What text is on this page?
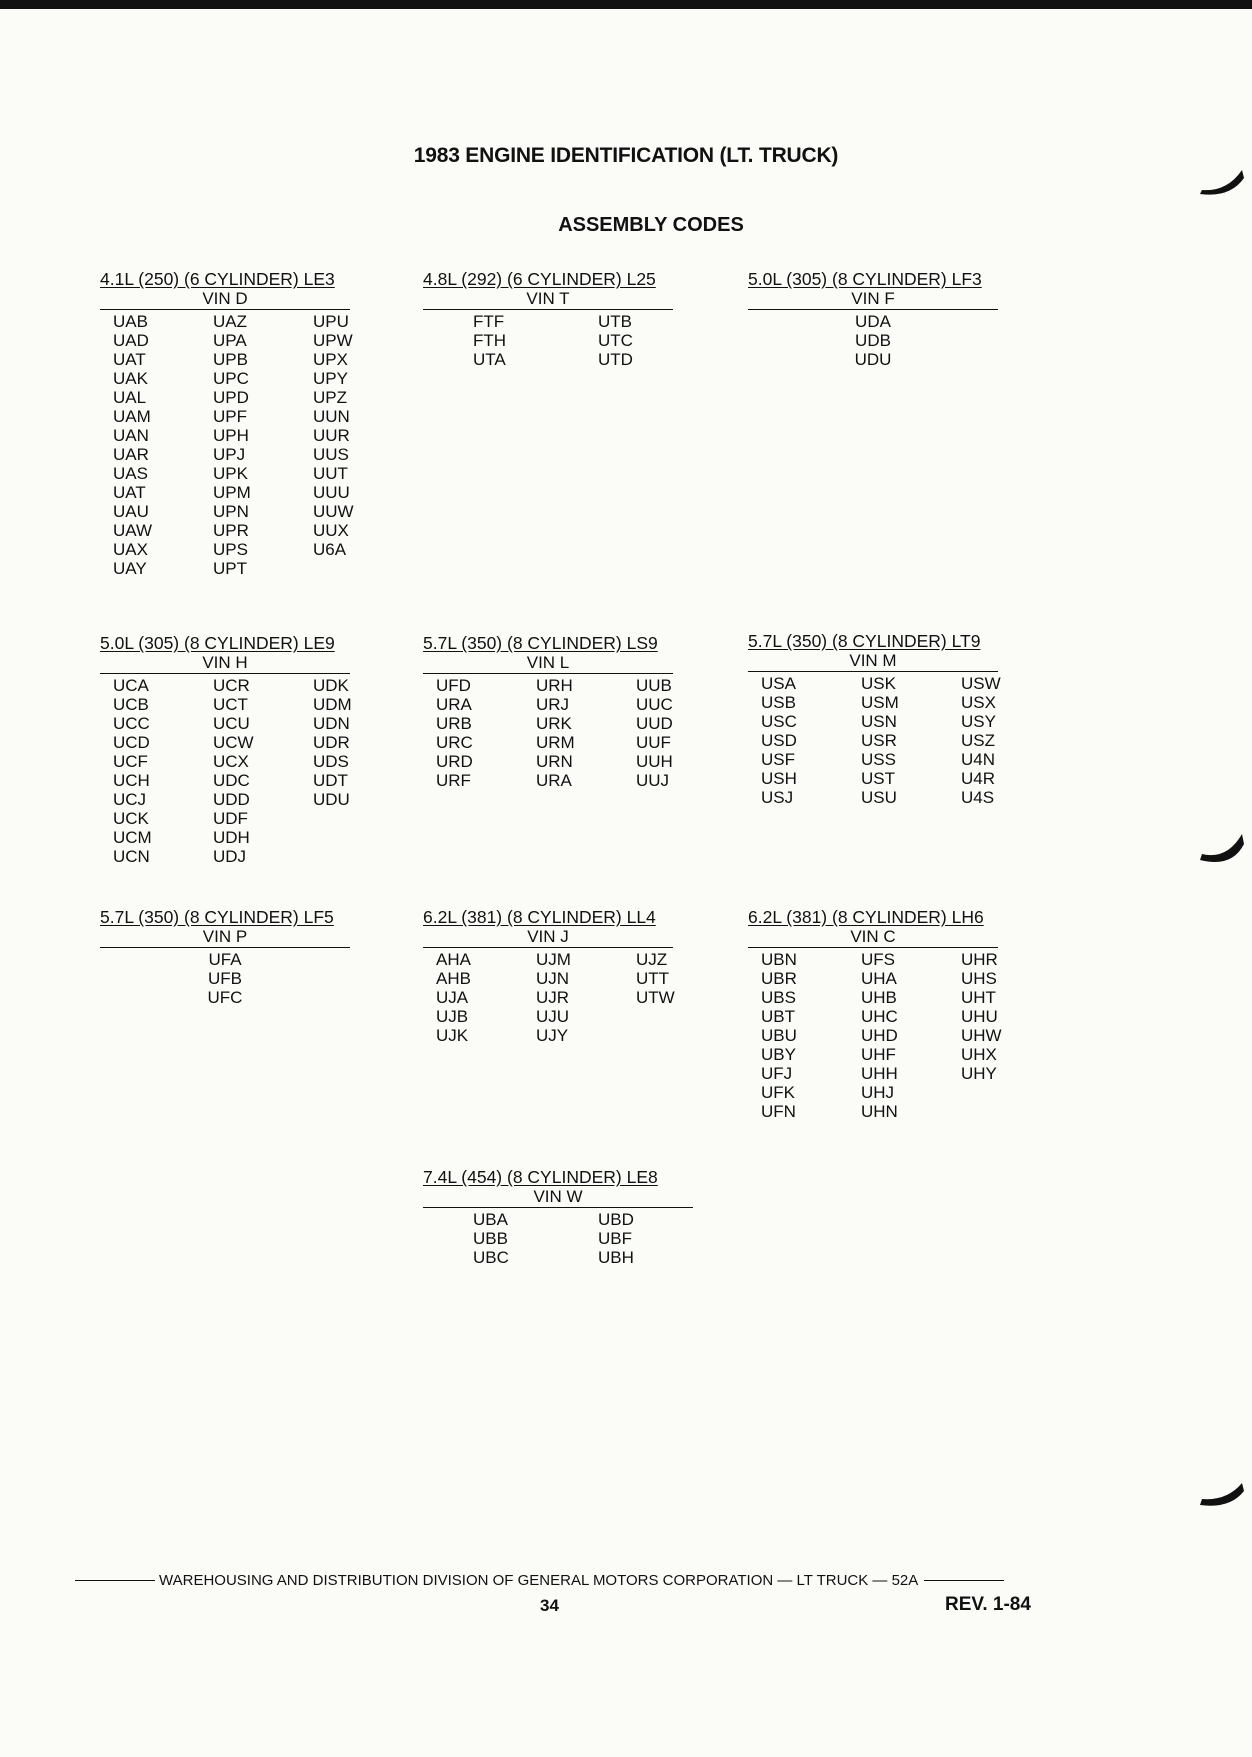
1983 ENGINE IDENTIFICATION (LT. TRUCK)
ASSEMBLY CODES
4.1L (250) (6 CYLINDER) LE3
VIN D
UAB	UAZ	UPU
UAD	UPA	UPW
UAT	UPB	UPX
UAK	UPC	UPY
UAL	UPD	UPZ
UAM	UPF	UUN
UAN	UPH	UUR
UAR	UPJ	UUS
UAS	UPK	UUT
UAT	UPM	UUU
UAU	UPN	UUW
UAW	UPR	UUX
UAX	UPS	U6A
UAY	UPT
4.8L (292) (6 CYLINDER) L25
VIN T
FTF	UTB
FTH	UTC
UTA	UTD
5.0L (305) (8 CYLINDER) LF3
VIN F
UDA
UDB
UDU
5.0L (305) (8 CYLINDER) LE9
VIN H
UCA	UCR	UDK
UCB	UCT	UDM
UCC	UCU	UDN
UCD	UCW	UDR
UCF	UCX	UDS
UCH	UDC	UDT
UCJ	UDD	UDU
UCK	UDF
UCM	UDH
UCN	UDJ
5.7L (350) (8 CYLINDER) LS9
VIN L
UFD	URH	UUB
URA	URJ	UUC
URB	URK	UUD
URC	URM	UUF
URD	URN	UUH
URF	URA	UUJ
5.7L (350) (8 CYLINDER) LT9
VIN M
USA	USK	USW
USB	USM	USX
USC	USN	USY
USD	USR	USZ
USF	USS	U4N
USH	UST	U4R
USJ	USU	U4S
5.7L (350) (8 CYLINDER) LF5
VIN P
UFA
UFB
UFC
6.2L (381) (8 CYLINDER) LL4
VIN J
AHA	UJM	UJZ
AHB	UJN	UTT
UJA	UJR	UTW
UJB	UJU
UJK	UJY
6.2L (381) (8 CYLINDER) LH6
VIN C
UBN	UFS	UHR
UBR	UHA	UHS
UBS	UHB	UHT
UBT	UHC	UHU
UBU	UHD	UHW
UBY	UHF	UHX
UFJ	UHH	UHY
UFK	UHJ
UFN	UHN
7.4L (454) (8 CYLINDER) LE8
VIN W
UBA	UBD
UBB	UBF
UBC	UBH
WAREHOUSING AND DISTRIBUTION DIVISION OF GENERAL MOTORS CORPORATION — LT TRUCK — 52A
34	REV. 1-84
